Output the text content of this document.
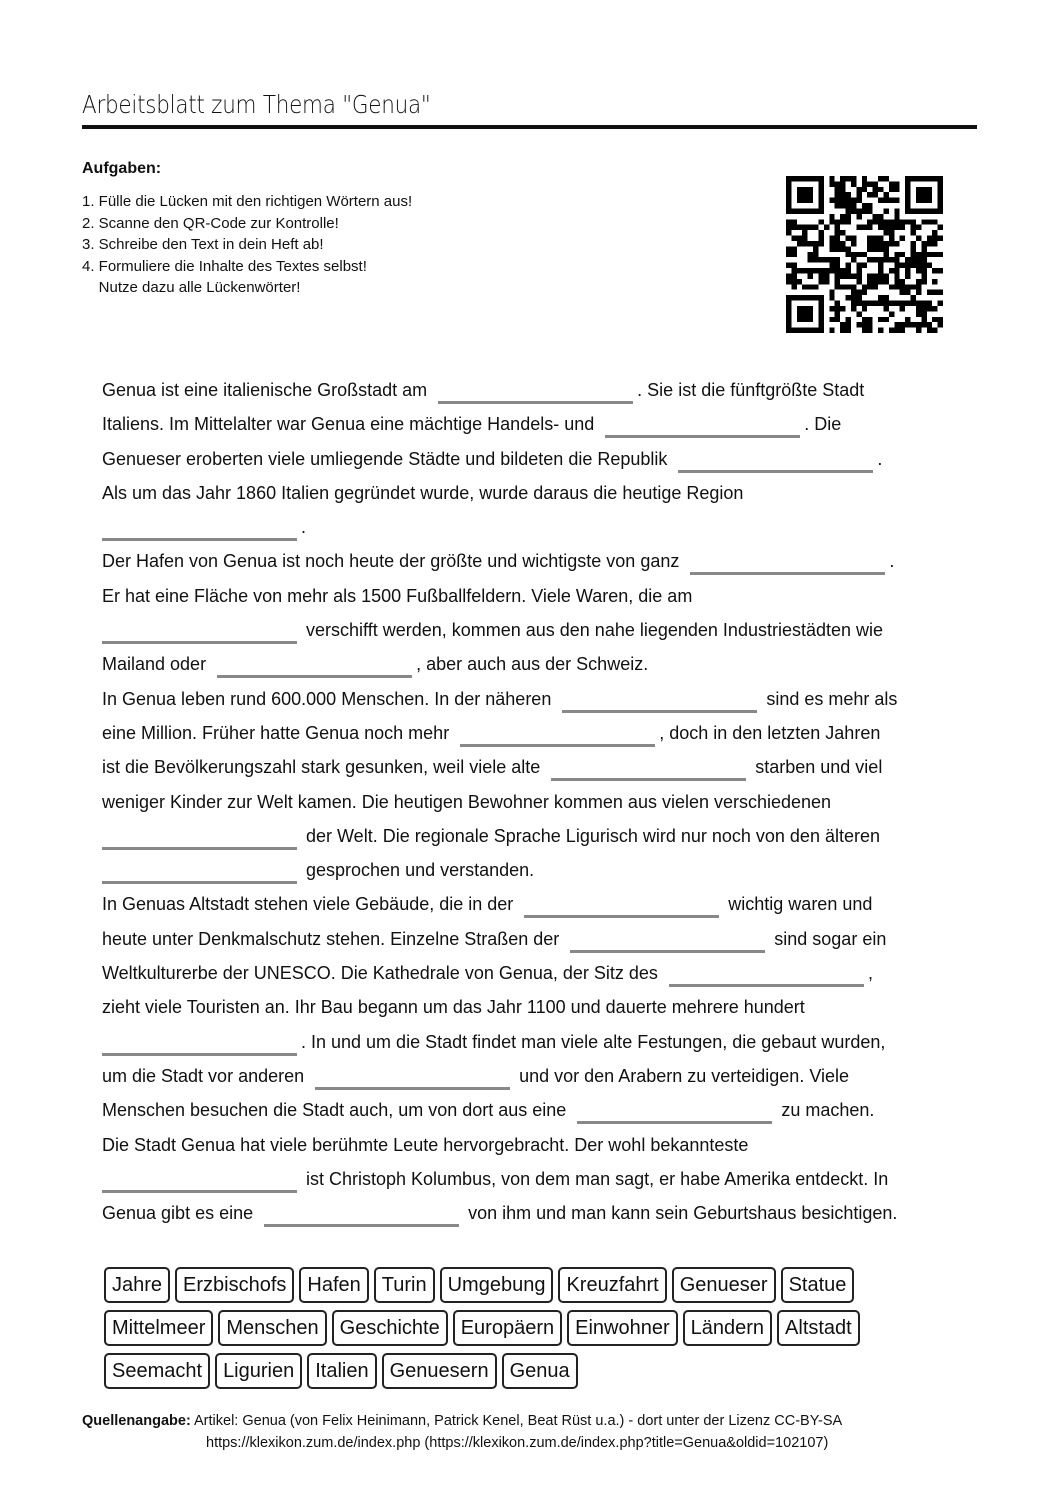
Arbeitsblatt zum Thema "Genua"
Aufgaben:
1. Fülle die Lücken mit den richtigen Wörtern aus!
2. Scanne den QR-Code zur Kontrolle!
3. Schreibe den Text in dein Heft ab!
4. Formuliere die Inhalte des Textes selbst!
Nutze dazu alle Lückenwörter!
Genua ist eine italienische Großstadt am	. Sie ist die fünftgrößte Stadt
Italiens. Im Mittelalter war Genua eine mächtige Handels- und	. Die
Genueser eroberten viele umliegende Städte und bildeten die Republik	.
Als um das Jahr 1860 Italien gegründet wurde, wurde daraus die heutige Region
.
Der Hafen von Genua ist noch heute der größte und wichtigste von ganz	.
Er hat eine Fläche von mehr als 1500 Fußballfeldern. Viele Waren, die am
verschifft werden, kommen aus den nahe liegenden Industriestädten wie
Mailand oder	, aber auch aus der Schweiz.
In Genua leben rund 600.000 Menschen. In der näheren	sind es mehr als
eine Million. Früher hatte Genua noch mehr	, doch in den letzten Jahren
ist die Bevölkerungszahl stark gesunken, weil viele alte	starben und viel
weniger Kinder zur Welt kamen. Die heutigen Bewohner kommen aus vielen verschiedenen
der Welt. Die regionale Sprache Ligurisch wird nur noch von den älteren
gesprochen und verstanden.
In Genuas Altstadt stehen viele Gebäude, die in der	wichtig waren und
heute unter Denkmalschutz stehen. Einzelne Straßen der	sind sogar ein
Weltkulturerbe der UNESCO. Die Kathedrale von Genua, der Sitz des	,
zieht viele Touristen an. Ihr Bau begann um das Jahr 1100 und dauerte mehrere hundert
. In und um die Stadt findet man viele alte Festungen, die gebaut wurden,
um die Stadt vor anderen	und vor den Arabern zu verteidigen. Viele
Menschen besuchen die Stadt auch, um von dort aus eine	zu machen.
Die Stadt Genua hat viele berühmte Leute hervorgebracht. Der wohl bekannteste
ist Christoph Kolumbus, von dem man sagt, er habe Amerika entdeckt. In
Genua gibt es eine	von ihm und man kann sein Geburtshaus besichtigen.
Jahre	Erzbischofs	Hafen	Turin	Umgebung	Kreuzfahrt	Genueser	Statue
Mittelmeer	Menschen	Geschichte	Europäern	Einwohner	Ländern	Altstadt
Seemacht	Ligurien	Italien	Genuesern	Genua
Quellenangabe: Artikel: Genua (von Felix Heinimann, Patrick Kenel, Beat Rüst u.a.) - dort unter der Lizenz CC-BY-SA
https://klexikon.zum.de/index.php (https://klexikon.zum.de/index.php?title=Genua&oldid=102107)
